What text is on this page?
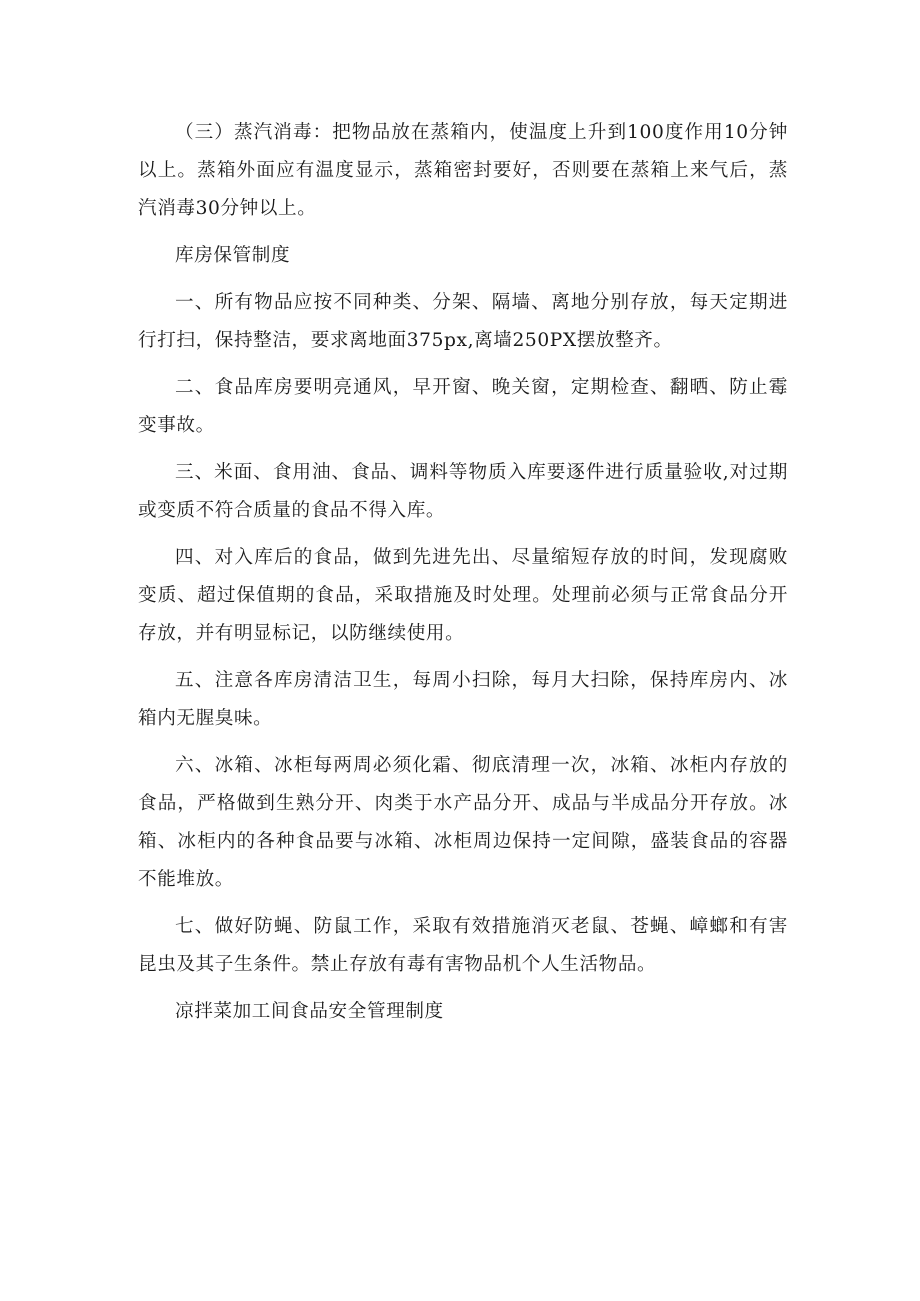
（三）蒸汽消毒：把物品放在蒸箱内，使温度上升到100度作用10分钟以上。蒸箱外面应有温度显示，蒸箱密封要好，否则要在蒸箱上来气后，蒸汽消毒30分钟以上。

库房保管制度

一、所有物品应按不同种类、分架、隔墙、离地分别存放，每天定期进行打扫，保持整洁，要求离地面375px,离墙250PX摆放整齐。

二、食品库房要明亮通风，早开窗、晚关窗，定期检查、翻晒、防止霉变事故。

三、米面、食用油、食品、调料等物质入库要逐件进行质量验收,对过期或变质不符合质量的食品不得入库。

四、对入库后的食品，做到先进先出、尽量缩短存放的时间，发现腐败变质、超过保值期的食品，采取措施及时处理。处理前必须与正常食品分开存放，并有明显标记，以防继续使用。

五、注意各库房清洁卫生，每周小扫除，每月大扫除，保持库房内、冰箱内无腥臭味。

六、冰箱、冰柜每两周必须化霜、彻底清理一次，冰箱、冰柜内存放的食品，严格做到生熟分开、肉类于水产品分开、成品与半成品分开存放。冰箱、冰柜内的各种食品要与冰箱、冰柜周边保持一定间隙，盛装食品的容器不能堆放。

七、做好防蝇、防鼠工作，采取有效措施消灭老鼠、苍蝇、嶂螂和有害昆虫及其子生条件。禁止存放有毒有害物品机个人生活物品。

凉拌菜加工间食品安全管理制度
